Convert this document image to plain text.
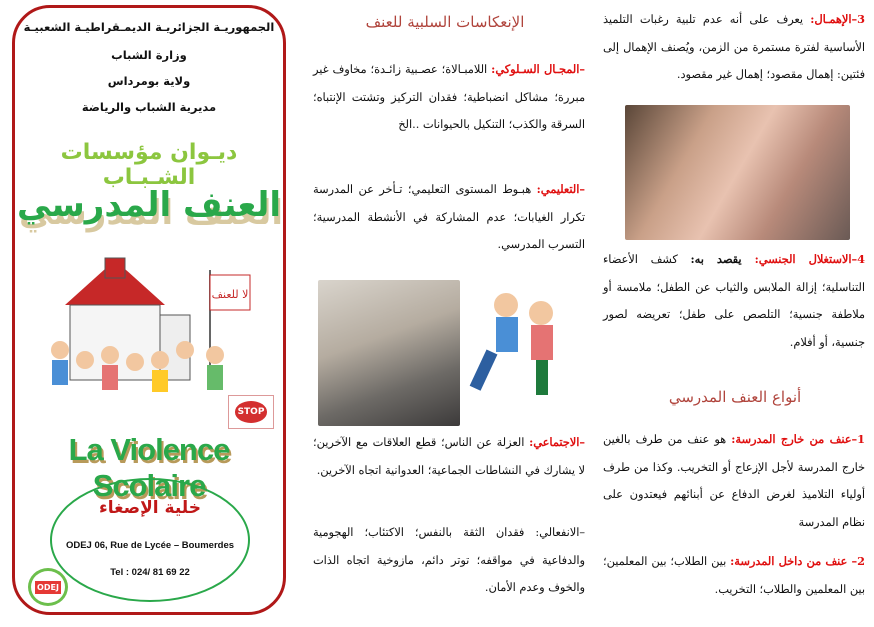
الجمهوريـة الجزائريـة الديمـقراطيـة الشعبيـة
وزارة الشباب
ولاية بومرداس
مديرية الشباب والرياضة
ديـوان مؤسسات الشـبـاب
العنف المدرسي
لا للعنف
STOP
La Violence Scolaire
خلية الإصغاء
ODEJ 06, Rue de Lycée – Boumerdes
Tel : 024/ 81 69 22
ODEJ
الإنعكاسات السلبية للعنف
–المجـال السـلوكي: اللامبـالاة؛ عصـبية زائـدة؛ مخاوف غير مبررة؛ مشاكل انضباطية؛ فقدان التركيز وتشتت الإنتباه؛ السرقة والكذب؛ التنكيل بالحيوانات ..الخ
–التعليمي: هبـوط المستوى التعليمي؛ تـأخر عن المدرسة تكرار الغيابات؛ عدم المشاركة في الأنشطة المدرسية؛ التسرب المدرسي.
–الاجتماعي: العزلة عن الناس؛ قطع العلاقات مع الآخرين؛ لا يشارك في النشاطات الجماعية؛ العدوانية اتجاه الآخرين.
–الانفعالي: فقدان الثقة بالنفس؛ الاكتئاب؛ الهجومية والدفاعية في مواقفه؛ توتر دائم، مازوخية اتجاه الذات والخوف وعدم الأمان.
3–الإهمـال: يعرف على أنه عدم تلبية رغبات التلميذ الأساسية لفترة مستمرة من الزمن، ويُصنف الإهمال إلى فئتين: إهمال مقصود؛ إهمال غير مقصود.
4–الاستغلال الجنسي: يقصد به: كشف الأعضاء التناسلية؛ إزالة الملابس والثياب عن الطفل؛ ملامسة أو ملاطفة جنسية؛ التلصص على طفل؛ تعريضه لصور جنسية، أو أفلام.
أنواع العنف المدرسي
1–عنف من خارج المدرسة: هو عنف من طرف بالغين خارج المدرسة لأجل الإزعاج أو التخريب. وكذا من طرف أولياء التلاميذ لغرض الدفاع عن أبنائهم فيعتدون على نظام المدرسة
2– عنف من داخل المدرسة: بين الطلاب؛ بين المعلمين؛ بين المعلمين والطلاب؛ التخريب.
